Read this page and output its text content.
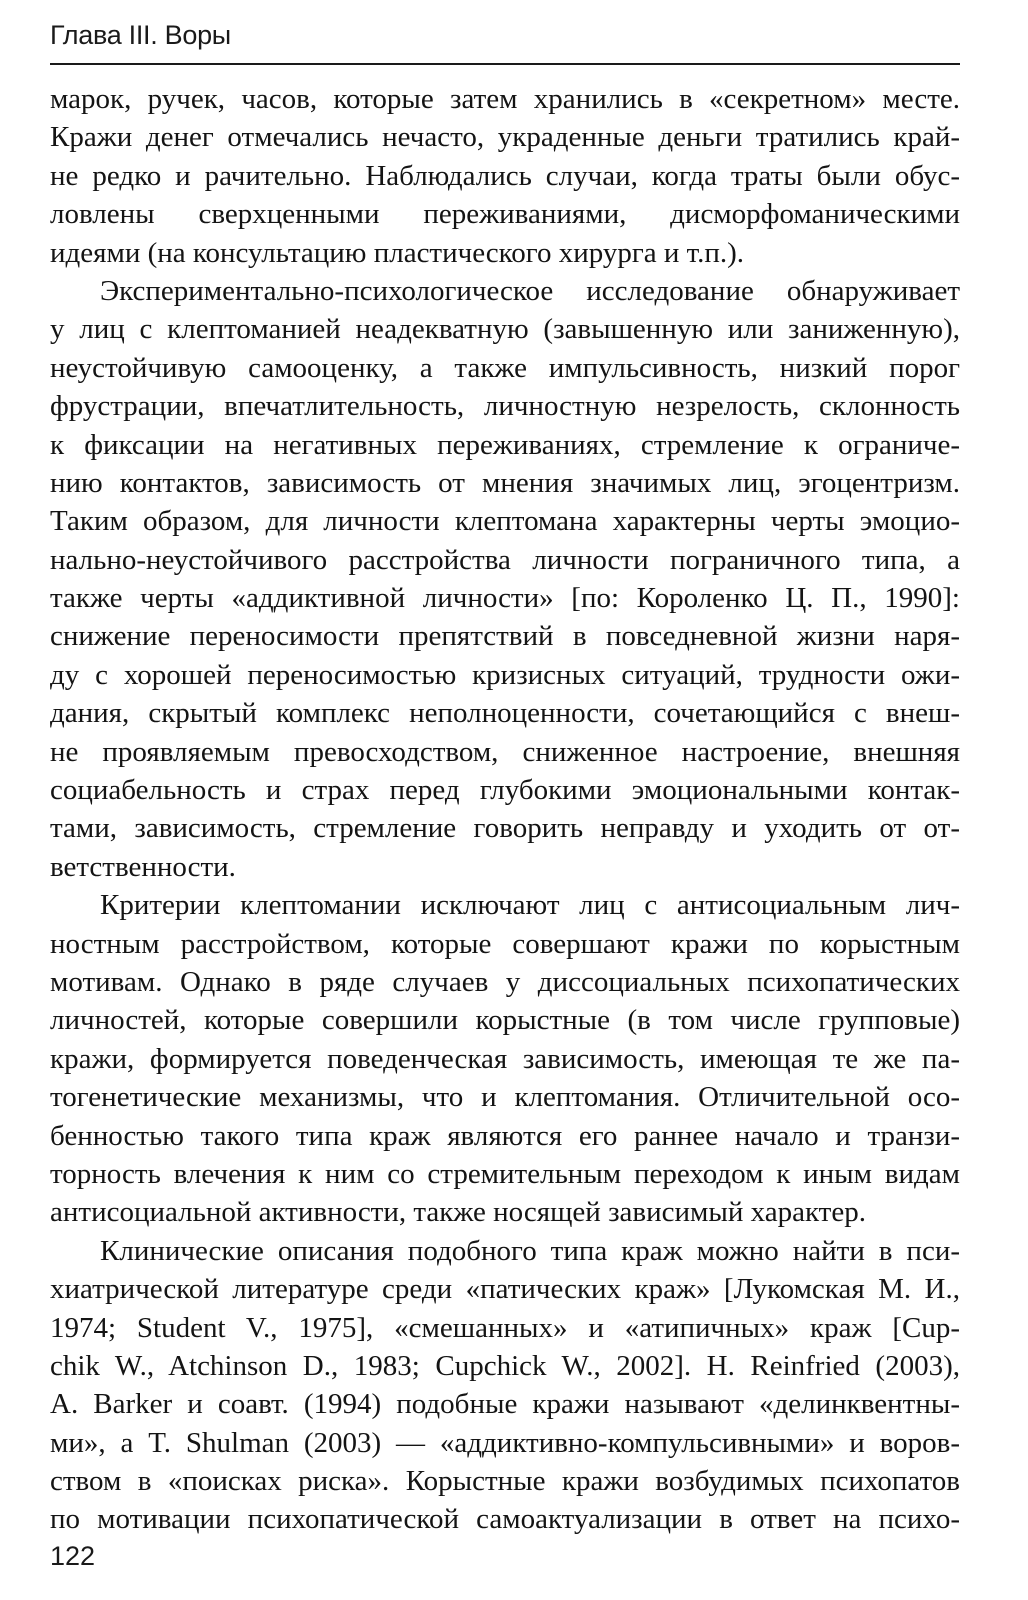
Глава III. Воры
марок, ручек, часов, которые затем хранились в «секретном» месте.
Кражи денег отмечались нечасто, украденные деньги тратились край-
не редко и рачительно. Наблюдались случаи, когда траты были обус-
ловлены сверхценными переживаниями, дисморфоманическими
идеями (на консультацию пластического хирурга и т.п.).
Экспериментально-психологическое исследование обнаруживает
у лиц с клептоманией неадекватную (завышенную или заниженную),
неустойчивую самооценку, а также импульсивность, низкий порог
фрустрации, впечатлительность, личностную незрелость, склонность
к фиксации на негативных переживаниях, стремление к ограниче-
нию контактов, зависимость от мнения значимых лиц, эгоцентризм.
Таким образом, для личности клептомана характерны черты эмоцио-
нально-неустойчивого расстройства личности пограничного типа, а
также черты «аддиктивной личности» [по: Короленко Ц. П., 1990]:
снижение переносимости препятствий в повседневной жизни наря-
ду с хорошей переносимостью кризисных ситуаций, трудности ожи-
дания, скрытый комплекс неполноценности, сочетающийся с внеш-
не проявляемым превосходством, сниженное настроение, внешняя
социабельность и страх перед глубокими эмоциональными контак-
тами, зависимость, стремление говорить неправду и уходить от от-
ветственности.
Критерии клептомании исключают лиц с антисоциальным лич-
ностным расстройством, которые совершают кражи по корыстным
мотивам. Однако в ряде случаев у диссоциальных психопатических
личностей, которые совершили корыстные (в том числе групповые)
кражи, формируется поведенческая зависимость, имеющая те же па-
тогенетические механизмы, что и клептомания. Отличительной осо-
бенностью такого типа краж являются его раннее начало и транзи-
торность влечения к ним со стремительным переходом к иным видам
антисоциальной активности, также носящей зависимый характер.
Клинические описания подобного типа краж можно найти в пси-
хиатрической литературе среди «патических краж» [Лукомская М. И.,
1974; Student V., 1975], «смешанных» и «атипичных» краж [Cup-
chik W., Atchinson D., 1983; Cupchick W., 2002]. H. Reinfried (2003),
A. Barker и соавт. (1994) подобные кражи называют «делинквентны-
ми», а T. Shulman (2003) — «аддиктивно-компульсивными» и воров-
ством в «поисках риска». Корыстные кражи возбудимых психопатов
по мотивации психопатической самоактуализации в ответ на психо-
122
